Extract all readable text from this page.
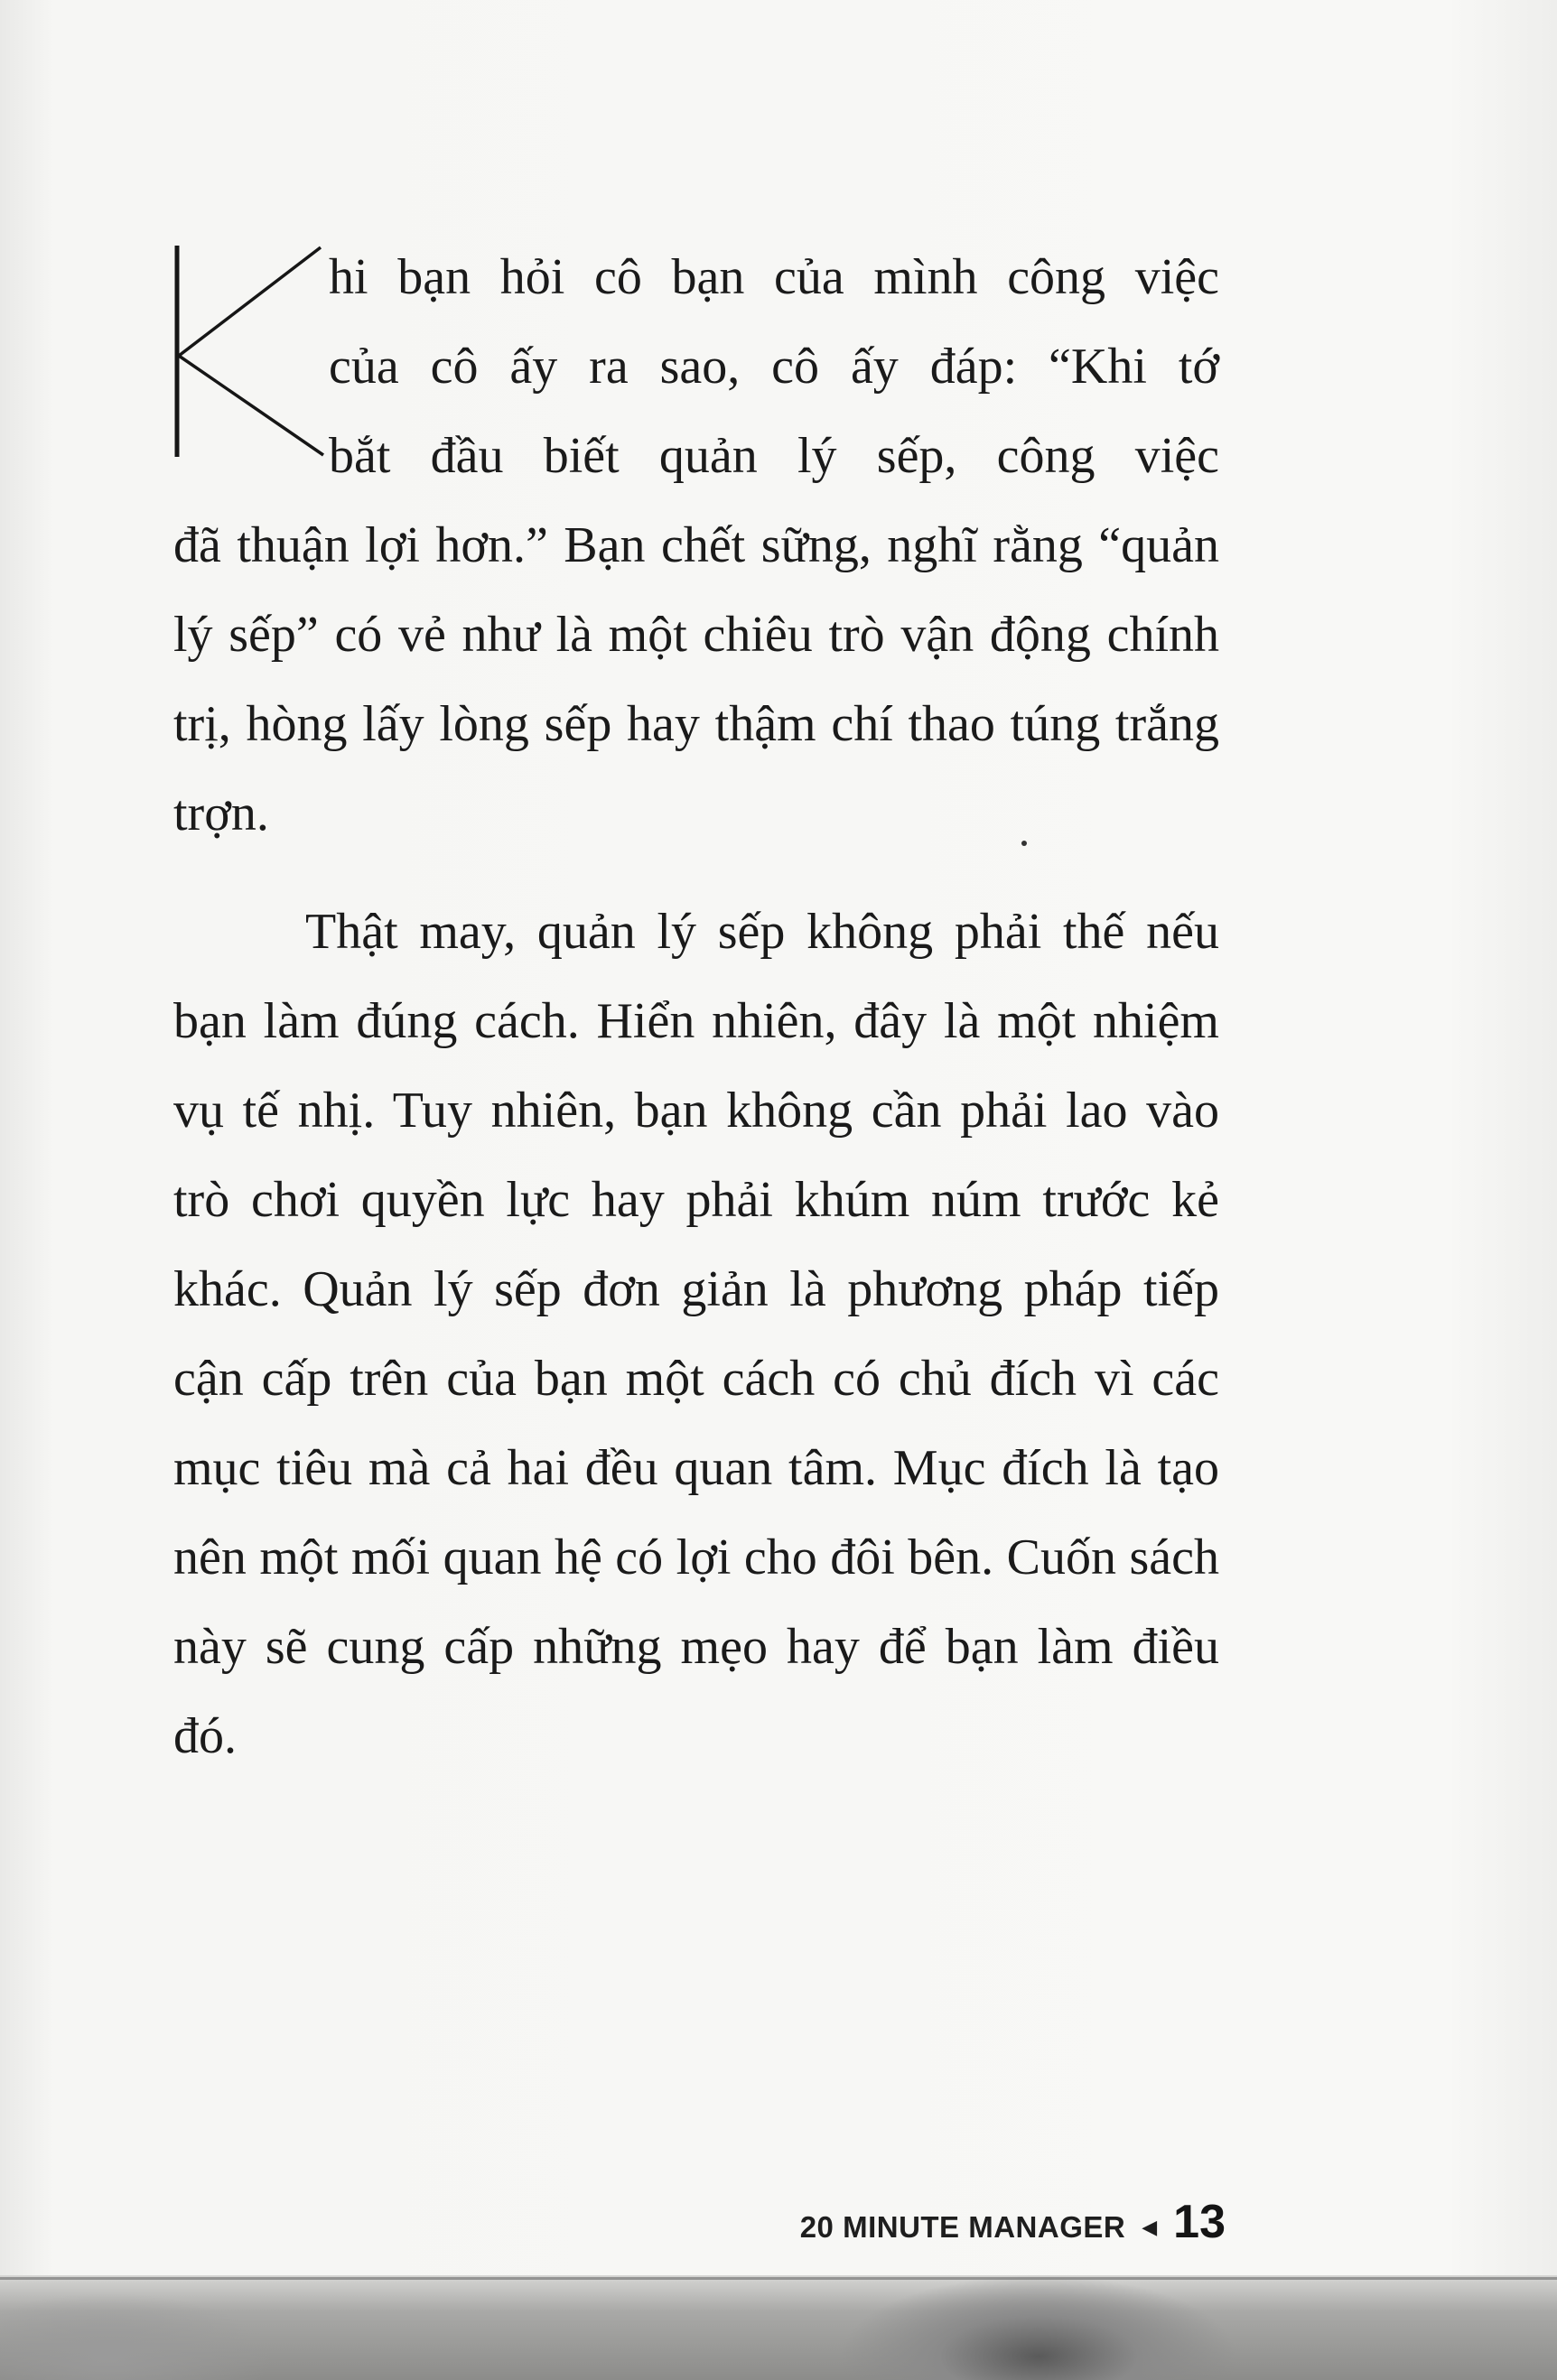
hi bạn hỏi cô bạn của mình công việc

của cô ấy ra sao, cô ấy đáp: “Khi tớ

bắt đầu biết quản lý sếp, công việc

đã thuận lợi hơn.” Bạn chết sững, nghĩ rằng “quản lý sếp” có vẻ như là một chiêu trò vận động chính trị, hòng lấy lòng sếp hay thậm chí thao túng trắng trợn.

Thật may, quản lý sếp không phải thế nếu bạn làm đúng cách. Hiển nhiên, đây là một nhiệm vụ tế nhị. Tuy nhiên, bạn không cần phải lao vào trò chơi quyền lực hay phải khúm núm trước kẻ khác. Quản lý sếp đơn giản là phương pháp tiếp cận cấp trên của bạn một cách có chủ đích vì các mục tiêu mà cả hai đều quan tâm. Mục đích là tạo nên một mối quan hệ có lợi cho đôi bên. Cuốn sách này sẽ cung cấp những mẹo hay để bạn làm điều đó.

20 MINUTE MANAGER ◀ 13
